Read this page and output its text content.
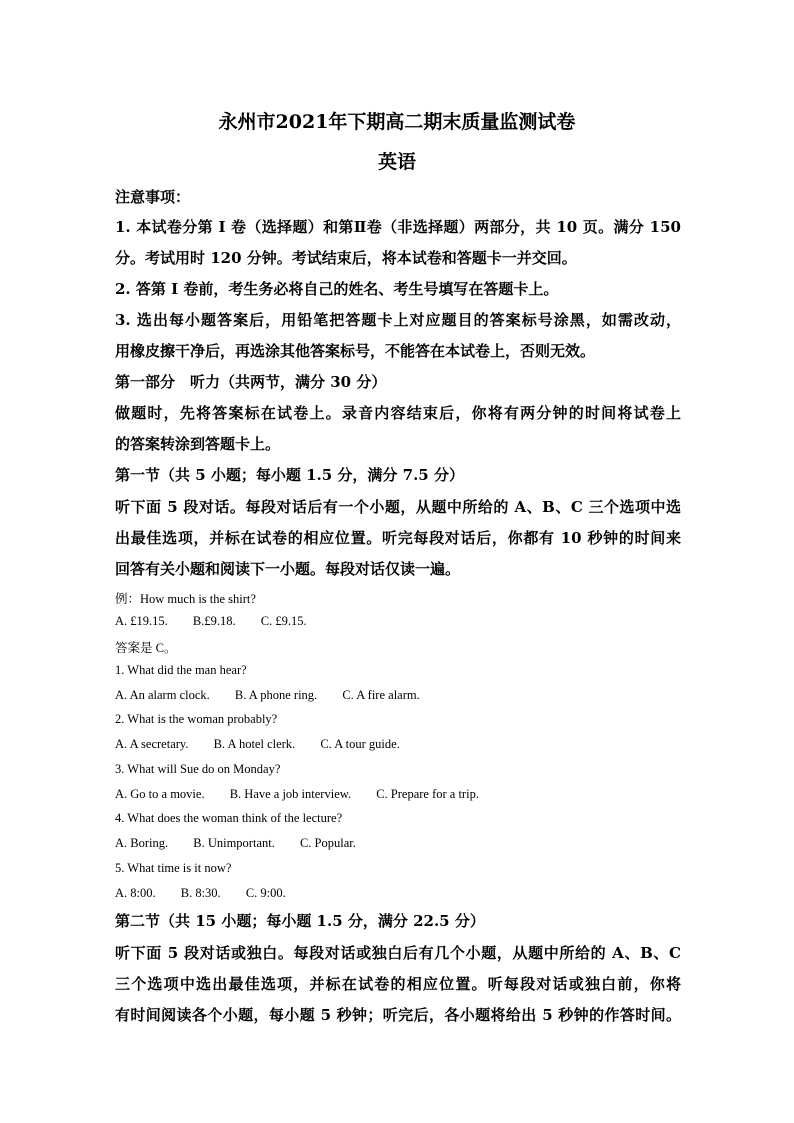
永州市2021年下期高二期末质量监测试卷
英语
注意事项：
1. 本试卷分第 I 卷（选择题）和第Ⅱ卷（非选择题）两部分，共 10 页。满分 150
分。考试用时 120 分钟。考试结束后，将本试卷和答题卡一并交回。
2. 答第 I 卷前，考生务必将自己的姓名、考生号填写在答题卡上。
3. 选出每小题答案后，用铅笔把答题卡上对应题目的答案标号涂黑，如需改动，
用橡皮擦干净后，再选涂其他答案标号，不能答在本试卷上，否则无效。
第一部分　听力（共两节，满分 30 分）
做题时，先将答案标在试卷上。录音内容结束后，你将有两分钟的时间将试卷上
的答案转涂到答题卡上。
第一节（共 5 小题；每小题 1.5 分，满分 7.5 分）
听下面 5 段对话。每段对话后有一个小题，从题中所给的 A、B、C 三个选项中选
出最佳选项，并标在试卷的相应位置。听完每段对话后，你都有 10 秒钟的时间来
回答有关小题和阅读下一小题。每段对话仅读一遍。
例：How much is the shirt?
A. £19.15. B.£9.18. C. £9.15.
答案是 C。
1. What did the man hear?
A. An alarm clock. B. A phone ring. C. A fire alarm.
2. What is the woman probably?
A. A secretary. B. A hotel clerk. C. A tour guide.
3. What will Sue do on Monday?
A. Go to a movie. B. Have a job interview. C. Prepare for a trip.
4. What does the woman think of the lecture?
A. Boring. B. Unimportant. C. Popular.
5. What time is it now?
A. 8:00. B. 8:30. C. 9:00.
第二节（共 15 小题；每小题 1.5 分，满分 22.5 分）
听下面 5 段对话或独白。每段对话或独白后有几个小题，从题中所给的 A、B、C
三个选项中选出最佳选项，并标在试卷的相应位置。听每段对话或独白前，你将
有时间阅读各个小题，每小题 5 秒钟；听完后，各小题将给出 5 秒钟的作答时间。
